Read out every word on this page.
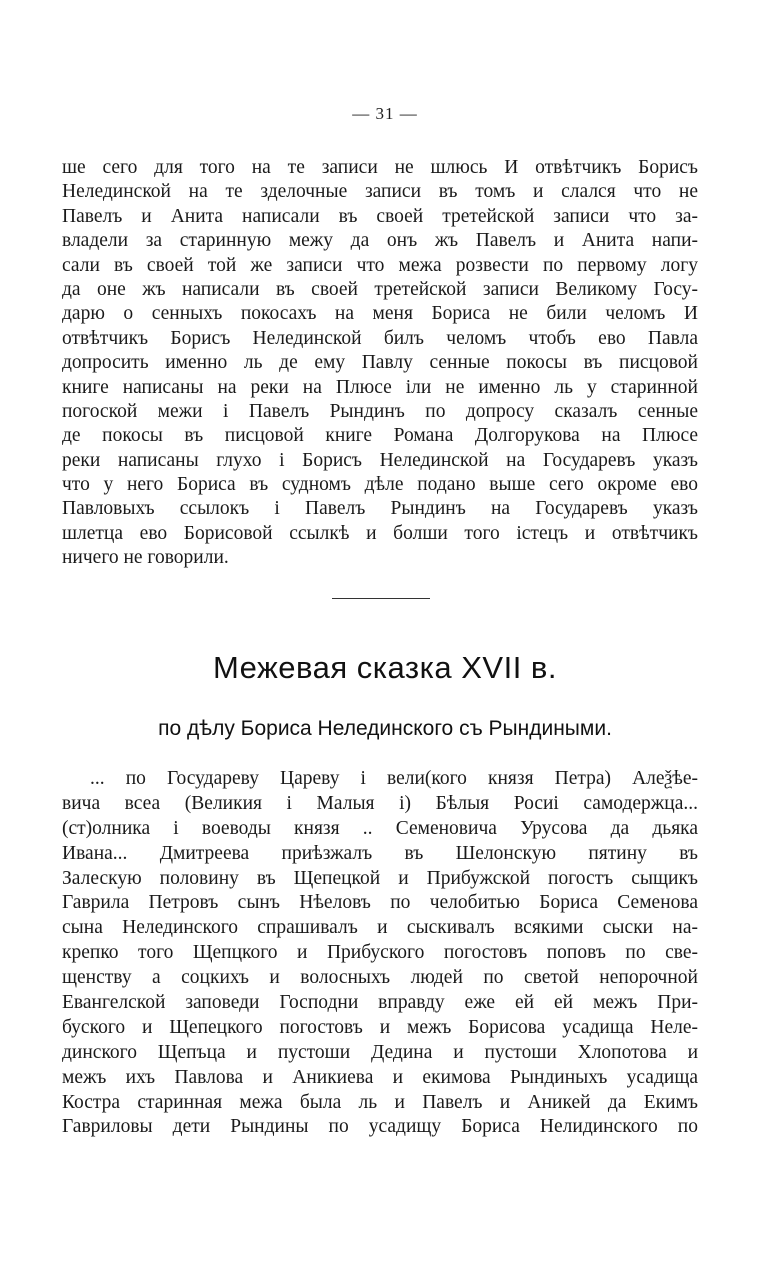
— 31 —
ше сего для того на те записи не шлюсь И отвѣтчикъ Борисъ
Нелединской на те зделочные записи въ томъ и слался что не
Павелъ и Анита написали въ своей третейской записи что за-
владели за старинную межу да онъ жъ Павелъ и Анита напи-
сали въ своей той же записи что межа розвести по первому логу
да оне жъ написали въ своей третейской записи Великому Госу-
дарю о сенныхъ покосахъ на меня Бориса не били челомъ И
отвѣтчикъ Борисъ Нелединской билъ челомъ чтобъ ево Павла
допросить именно ль де ему Павлу сенные покосы въ писцовой
книге написаны на реки на Плюсе iли не именно ль у старинной
погоской межи i Павелъ Рындинъ по допросу сказалъ сенные
де покосы въ писцовой книге Романа Долгорукова на Плюсе
реки написаны глухо i Борисъ Нелединской на Государевъ указъ
что у него Бориса въ судномъ дѣле подано выше сего окроме ево
Павловыхъ ссылокъ i Павелъ Рындинъ на Государевъ указъ
шлетца ево Борисовой ссылкѣ и болши того iстецъ и отвѣтчикъ
ничего не говорили.
Межевая сказка XVII в.
по дѣлу Бориса Нелединского съ Рындиными.
... по Государеву Цареву i вели(кого князя Петра) Алеѯѣе-
вича всеа (Великия i Малыя i) Бѣлыя Росиi самодержца...
(ст)олника i воеводы князя .. Семеновича Урусова да дьяка
Ивана... Дмитреева приѣзжалъ въ Шелонскую пятину въ
Залескую половину въ Щепецкой и Прибужской погостъ сыщикъ
Гаврила Петровъ сынъ Нѣеловъ по челобитью Бориса Семенова
сына Нелединского спрашивалъ и сыскивалъ всякими сыски на-
крепко того Щепцкого и Прибуского погостовъ поповъ по све-
щенству а соцкихъ и волосныхъ людей по светой непорочной
Евангелской заповеди Господни вправду еже ей ей межъ При-
буского и Щепецкого погостовъ и межъ Борисова усадища Неле-
динского Щепъца и пустоши Дедина и пустоши Хлопотова и
межъ ихъ Павлова и Аникиева и екимова Рындиныхъ усадища
Костра старинная межа была ль и Павелъ и Аникей да Екимъ
Гавриловы дети Рындины по усадищу Бориса Нелидинского по
